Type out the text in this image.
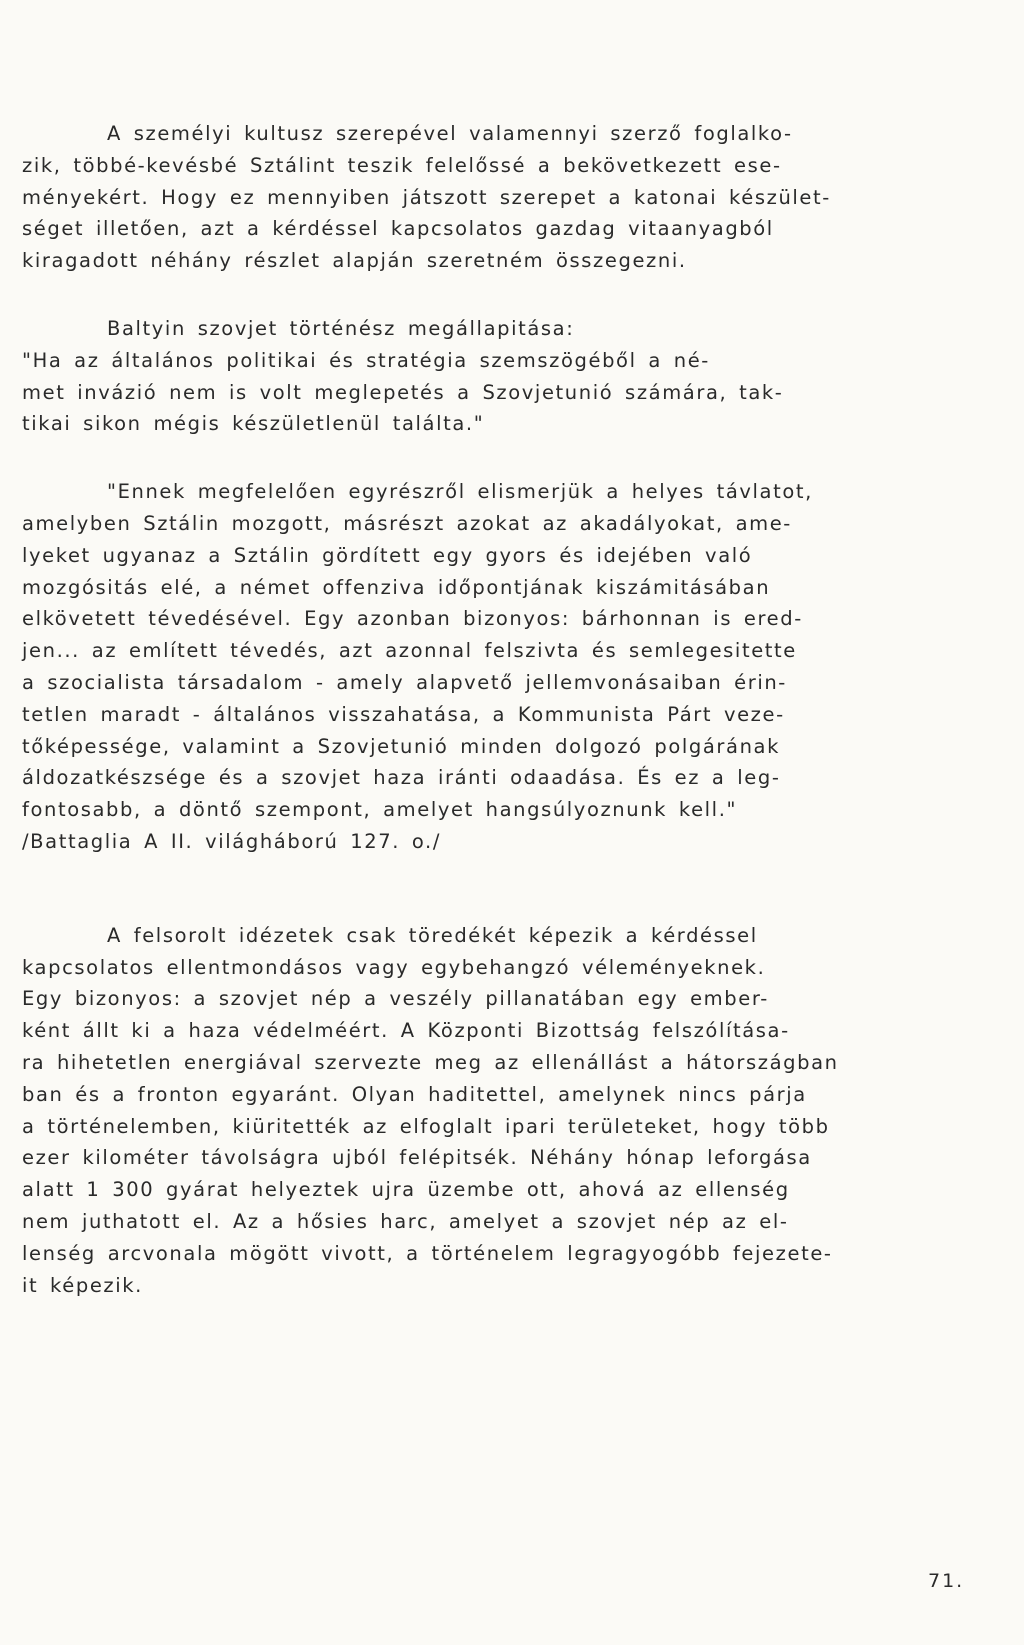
A személyi kultusz szerepével valamennyi szerző foglalko-
zik, többé-kevésbé Sztálint teszik felelőssé a bekövetkezett ese-
ményekért. Hogy ez mennyiben játszott szerepet a katonai készület-
séget illetően, azt a kérdéssel kapcsolatos gazdag vitaanyagból
kiragadott néhány részlet alapján szeretném összegezni.

Baltyin szovjet történész megállapitása:
"Ha az általános politikai és stratégia szemszögéből a né-
met invázió nem is volt meglepetés a Szovjetunió számára, tak-
tikai sikon mégis készületlenül találta."

"Ennek megfelelően egyrészről elismerjük a helyes távlatot,
amelyben Sztálin mozgott, másrészt azokat az akadályokat, ame-
lyeket ugyanaz a Sztálin gördített egy gyors és idejében való
mozgósitás elé, a német offenziva időpontjának kiszámitásában
elkövetett tévedésével. Egy azonban bizonyos: bárhonnan is ered-
jen... az említett tévedés, azt azonnal felszivta és semlegesitette
a szocialista társadalom - amely alapvető jellemvonásaiban érin-
tetlen maradt - általános visszahatása, a Kommunista Párt veze-
tőképessége, valamint a Szovjetunió minden dolgozó polgárának
áldozatkészsége és a szovjet haza iránti odaadása. És ez a leg-
fontosabb, a döntő szempont, amelyet hangsúlyoznunk kell."
/Battaglia A II. világháború 127. o./

A felsorolt idézetek csak töredékét képezik a kérdéssel
kapcsolatos ellentmondásos vagy egybehangzó véleményeknek.
Egy bizonyos: a szovjet nép a veszély pillanatában egy ember-
ként állt ki a haza védelméért. A Központi Bizottság felszólítása-
ra hihetetlen energiával szervezte meg az ellenállást a hátországban
ban és a fronton egyaránt. Olyan haditettel, amelynek nincs párja
a történelemben, kiüritették az elfoglalt ipari területeket, hogy több
ezer kilométer távolságra ujból felépitsék. Néhány hónap leforgása
alatt 1 300 gyárat helyeztek ujra üzembe ott, ahová az ellenség
nem juthatott el. Az a hősies harc, amelyet a szovjet nép az el-
lenség arcvonala mögött vivott, a történelem legragyogóbb fejezete-
it képezik.

71.
